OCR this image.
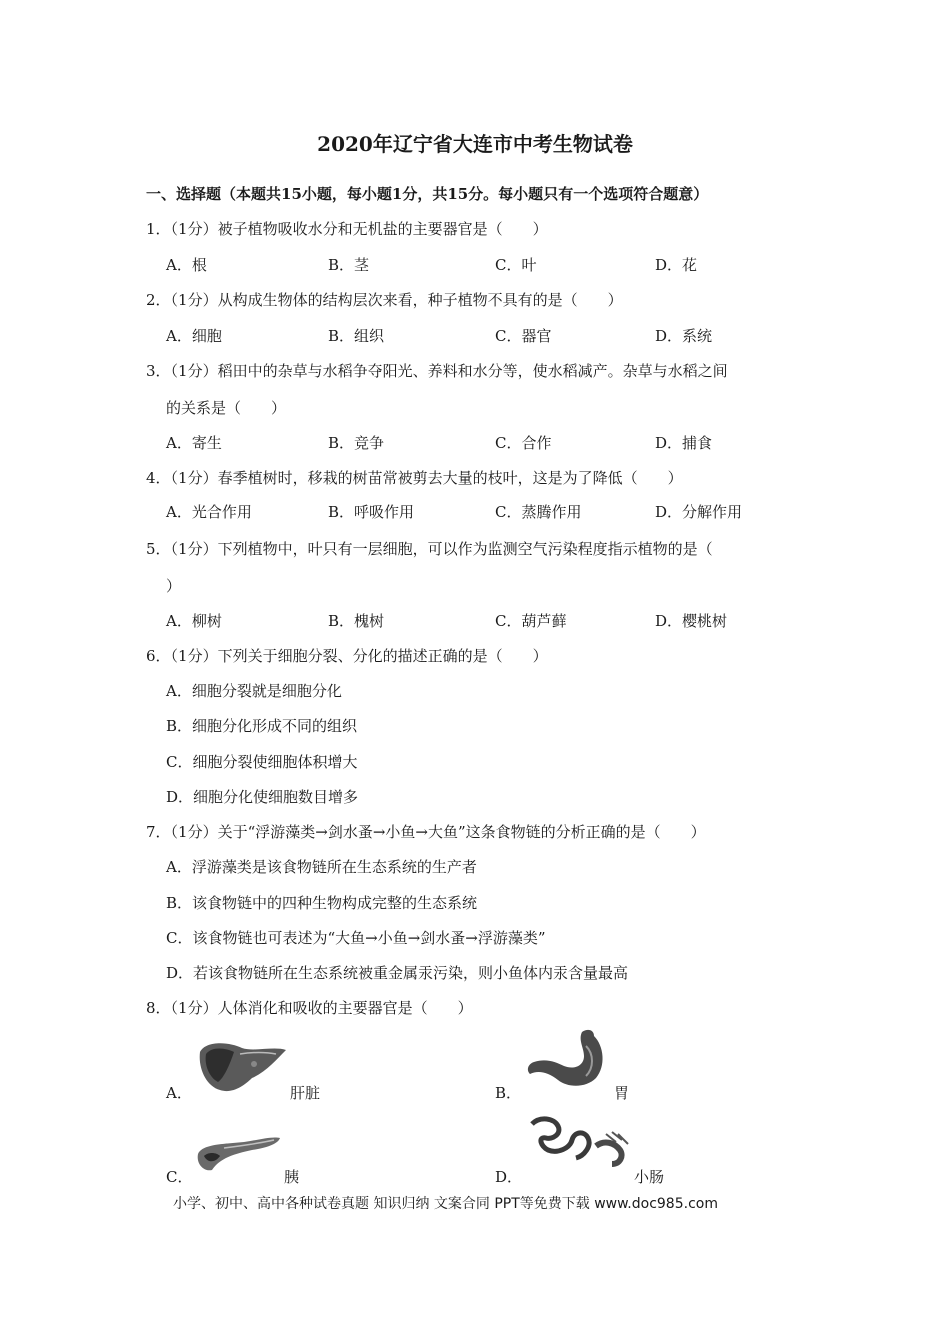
2020年辽宁省大连市中考生物试卷
一、选择题（本题共15小题，每小题1分，共15分。每小题只有一个选项符合题意）
1．（1分）被子植物吸收水分和无机盐的主要器官是（　　）
A．根	B．茎	C．叶	D．花
2．（1分）从构成生物体的结构层次来看，种子植物不具有的是（　　）
A．细胞	B．组织	C．器官	D．系统
3．（1分）稻田中的杂草与水稻争夺阳光、养料和水分等，使水稻减产。杂草与水稻之间
的关系是（　　）
A．寄生	B．竞争	C．合作	D．捕食
4．（1分）春季植树时，移栽的树苗常被剪去大量的枝叶，这是为了降低（　　）
A．光合作用	B．呼吸作用	C．蒸腾作用	D．分解作用
5．（1分）下列植物中，叶只有一层细胞，可以作为监测空气污染程度指示植物的是（
）
A．柳树	B．槐树	C．葫芦藓	D．樱桃树
6．（1分）下列关于细胞分裂、分化的描述正确的是（　　）
A．细胞分裂就是细胞分化
B．细胞分化形成不同的组织
C．细胞分裂使细胞体积增大
D．细胞分化使细胞数目增多
7．（1分）关于“浮游藻类→剑水蚤→小鱼→大鱼”这条食物链的分析正确的是（　　）
A．浮游藻类是该食物链所在生态系统的生产者
B．该食物链中的四种生物构成完整的生态系统
C．该食物链也可表述为“大鱼→小鱼→剑水蚤→浮游藻类”
D．若该食物链所在生态系统被重金属汞污染，则小鱼体内汞含量最高
8．（1分）人体消化和吸收的主要器官是（　　）
A．	肝脏	B．	胃
C．	胰	D．	小肠
小学、初中、高中各种试卷真题 知识归纳 文案合同 PPT等免费下载 www.doc985.com
